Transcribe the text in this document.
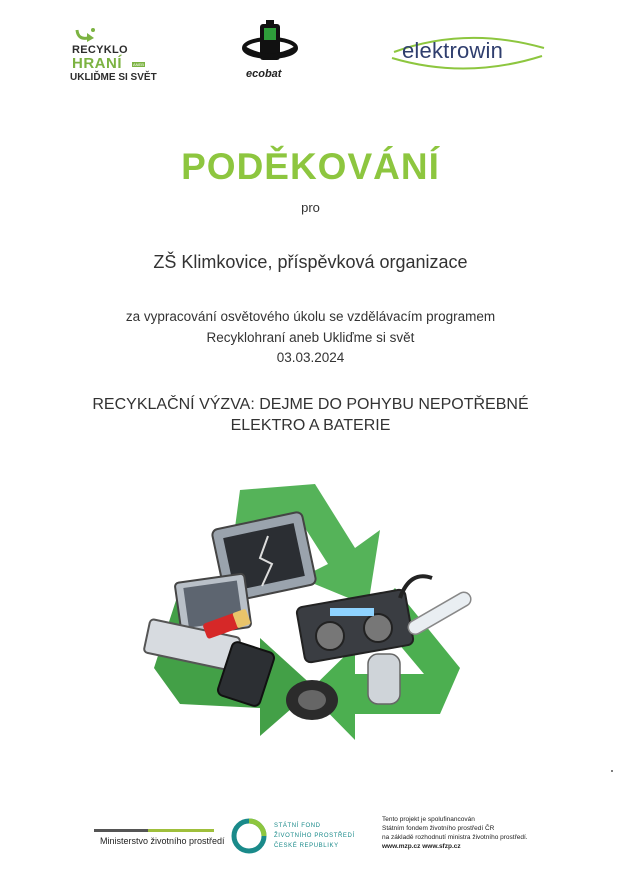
RECYKLO
HRANÍ	ANEB
UKLIĎME SI SVĚT	ecobat
elektrowin
PODĚKOVÁNÍ
pro
ZŠ Klimkovice, příspěvková organizace
za vypracování osvětového úkolu se vzdělávacím programem
Recyklohraní aneb Ukliďme si svět
03.03.2024
RECYKLAČNÍ VÝZVA: DEJME DO POHYBU NEPOTŘEBNÉ
ELEKTRO A BATERIE
Ministerstvo životního prostředí
STÁTNÍ FOND
ŽIVOTNÍHO PROSTŘEDÍ
ČESKÉ REPUBLIKY
Tento projekt je spolufinancován
Státním fondem životního prostředí ČR
na základě rozhodnutí ministra životního prostředí.
www.mzp.cz www.sfzp.cz
